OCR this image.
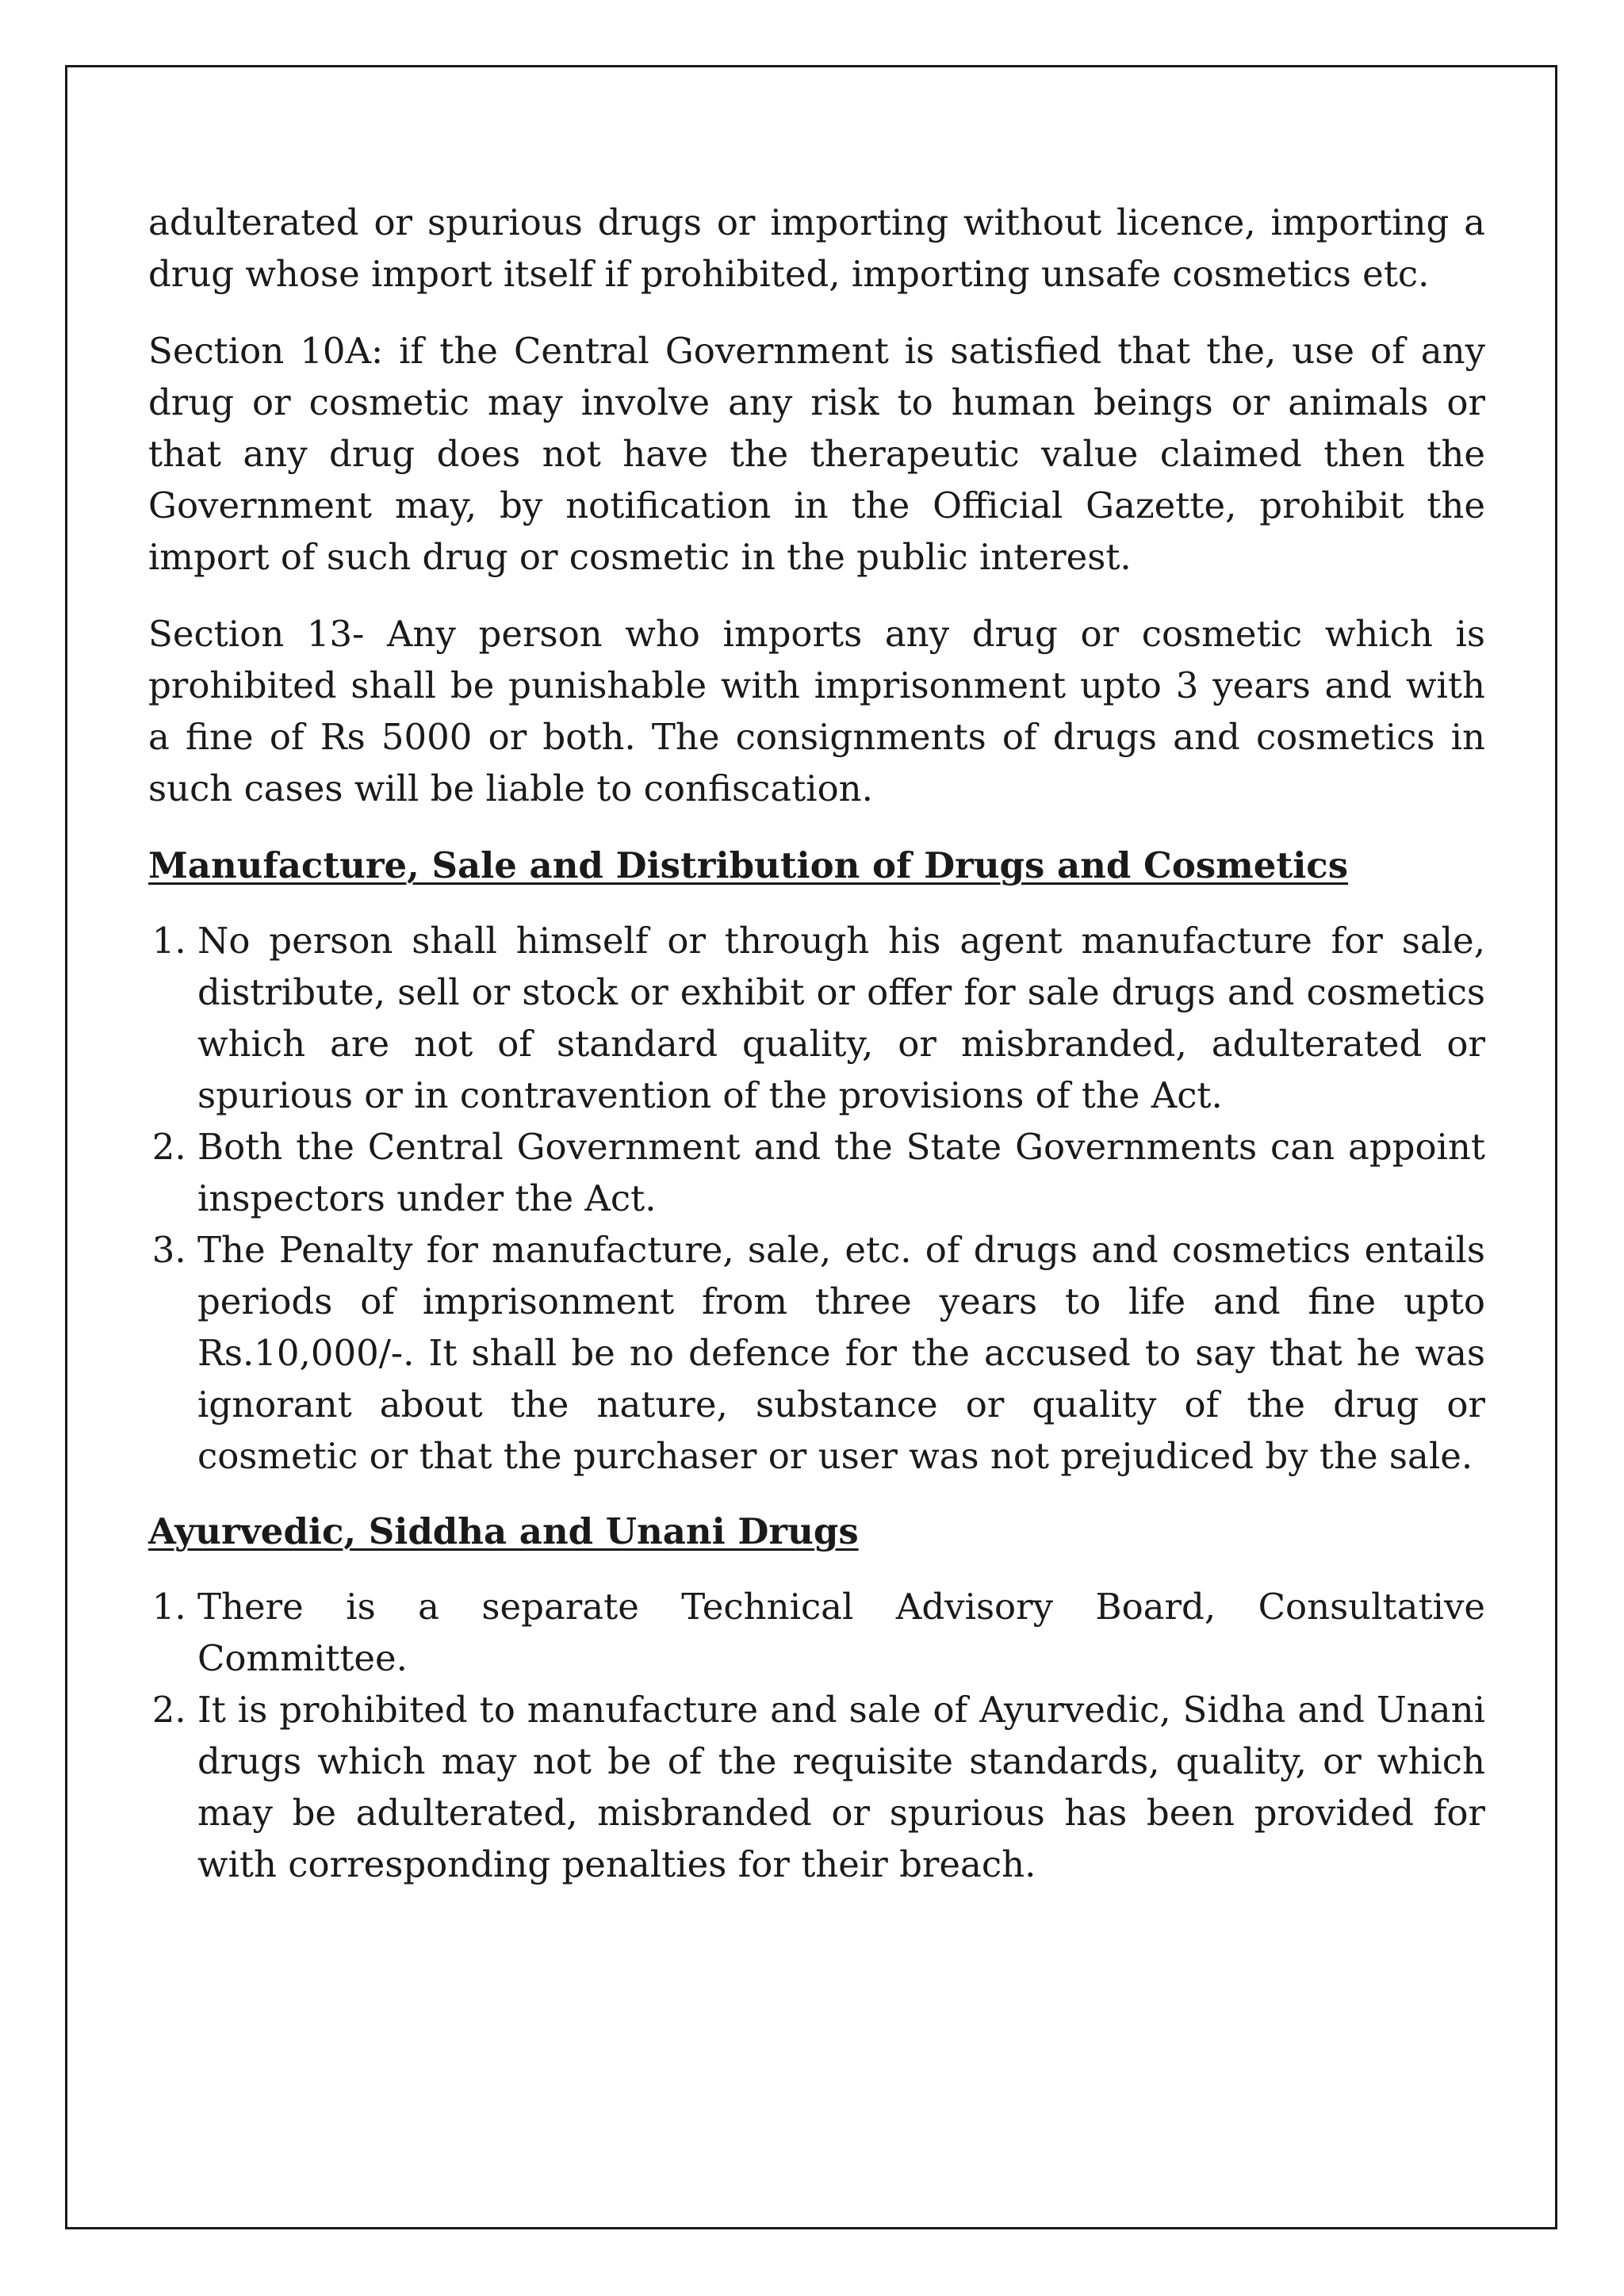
adulterated or spurious drugs or importing without licence, importing a drug whose import itself if prohibited, importing unsafe cosmetics etc.

Section 10A: if the Central Government is satisfied that the, use of any drug or cosmetic may involve any risk to human beings or animals or that any drug does not have the therapeutic value claimed then the Government may, by notification in the Official Gazette, prohibit the import of such drug or cosmetic in the public interest.

Section 13- Any person who imports any drug or cosmetic which is prohibited shall be punishable with imprisonment upto 3 years and with a fine of Rs 5000 or both. The consignments of drugs and cosmetics in such cases will be liable to confiscation.

Manufacture, Sale and Distribution of Drugs and Cosmetics
1. No person shall himself or through his agent manufacture for sale, distribute, sell or stock or exhibit or offer for sale drugs and cosmetics which are not of standard quality, or misbranded, adulterated or spurious or in contravention of the provisions of the Act.
2. Both the Central Government and the State Governments can appoint inspectors under the Act.
3. The Penalty for manufacture, sale, etc. of drugs and cosmetics entails periods of imprisonment from three years to life and fine upto Rs.10,000/-. It shall be no defence for the accused to say that he was ignorant about the nature, substance or quality of the drug or cosmetic or that the purchaser or user was not prejudiced by the sale.
Ayurvedic, Siddha and Unani Drugs
1. There is a separate Technical Advisory Board, Consultative Committee.
2. It is prohibited to manufacture and sale of Ayurvedic, Sidha and Unani drugs which may not be of the requisite standards, quality, or which may be adulterated, misbranded or spurious has been provided for with corresponding penalties for their breach.
